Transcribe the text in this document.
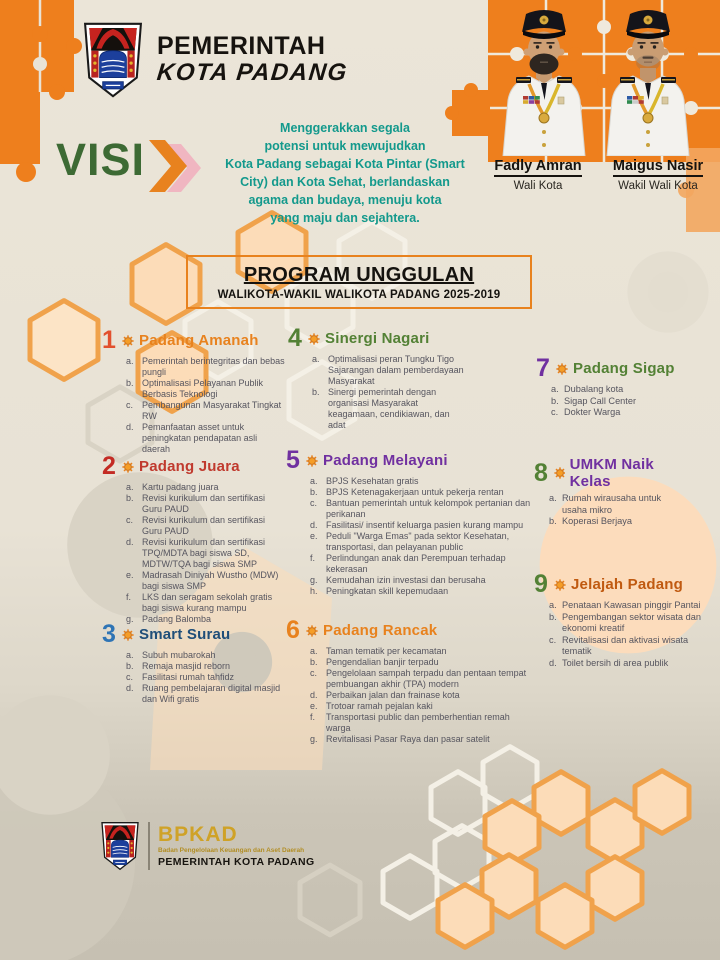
PEMERINTAH
KOTA PADANG
Fadly Amran
Wali Kota
Maigus Nasir
Wakil Wali Kota
VISI
Menggerakkan segala
potensi untuk mewujudkan
Kota Padang sebagai Kota Pintar (Smart
City) dan Kota Sehat, berlandaskan
agama dan budaya, menuju kota
yang maju dan sejahtera.
PROGRAM UNGGULAN
WALIKOTA-WAKIL WALIKOTA PADANG 2025-2019
1 Padang Amanah
a. Pemerintah berintegritas dan bebas pungli
b. Optimalisasi Pelayanan Publik Berbasis Teknologi
c. Pembangunan Masyarakat Tingkat RW
d. Pemanfaatan asset untuk peningkatan pendapatan asli daerah
2 Padang Juara
a. Kartu padang juara
b. Revisi kurikulum dan sertifikasi Guru PAUD
c. Revisi kurikulum dan sertifikasi Guru PAUD
d. Revisi kurikulum dan sertifikasi TPQ/MDTA bagi siswa SD, MDTW/TQA bagi siswa SMP
e. Madrasah Diniyah Wustho (MDW) bagi siswa SMP
f.	LKS dan seragam sekolah gratis bagi siswa kurang mampu
g. Padang Balomba
3 Smart Surau
a. Subuh mubarokah
b. Remaja masjid reborn
c. Fasilitasi rumah tahfidz
d. Ruang pembelajaran digital masjid dan Wifi gratis
4 Sinergi Nagari
a. Optimalisasi peran Tungku Tigo Sajarangan dalam pemberdayaan Masyarakat
b. Sinergi pemerintah dengan organisasi Masyarakat keagamaan, cendikiawan, dan adat
5 Padang Melayani
a. BPJS Kesehatan gratis
b. BPJS Ketenagakerjaan untuk pekerja rentan
c. Bantuan pemerintah untuk kelompok pertanian dan perikanan
d. Fasilitasi/ insentif keluarga pasien kurang mampu
e. Peduli "Warga Emas" pada sektor Kesehatan, transportasi, dan pelayanan public
f.	Perlindungan anak dan Perempuan terhadap kekerasan
g. Kemudahan izin investasi dan berusaha
h. Peningkatan skill kepemudaan
6 Padang Rancak
a. Taman tematik per kecamatan
b. Pengendalian banjir terpadu
c. Pengelolaan sampah terpadu dan pentaan tempat pembuangan akhir (TPA) modern
d. Perbaikan jalan dan frainase kota
e. Trotoar ramah pejalan kaki
f.	Transportasi public dan pemberhentian remah warga
g. Revitalisasi Pasar Raya dan pasar satelit
7 Padang Sigap
a. Dubalang kota
b. Sigap Call Center
c. Dokter Warga
8 UMKM Naik Kelas
a. Rumah wirausaha untuk usaha mikro
b. Koperasi Berjaya
9 Jelajah Padang
a. Penataan Kawasan pinggir Pantai
b. Pengembangan sektor wisata dan ekonomi kreatif
c. Revitalisasi dan aktivasi wisata tematik
d. Toilet bersih di area publik
BPKAD
Badan Pengelolaan Keuangan dan Aset Daerah
PEMERINTAH KOTA PADANG
